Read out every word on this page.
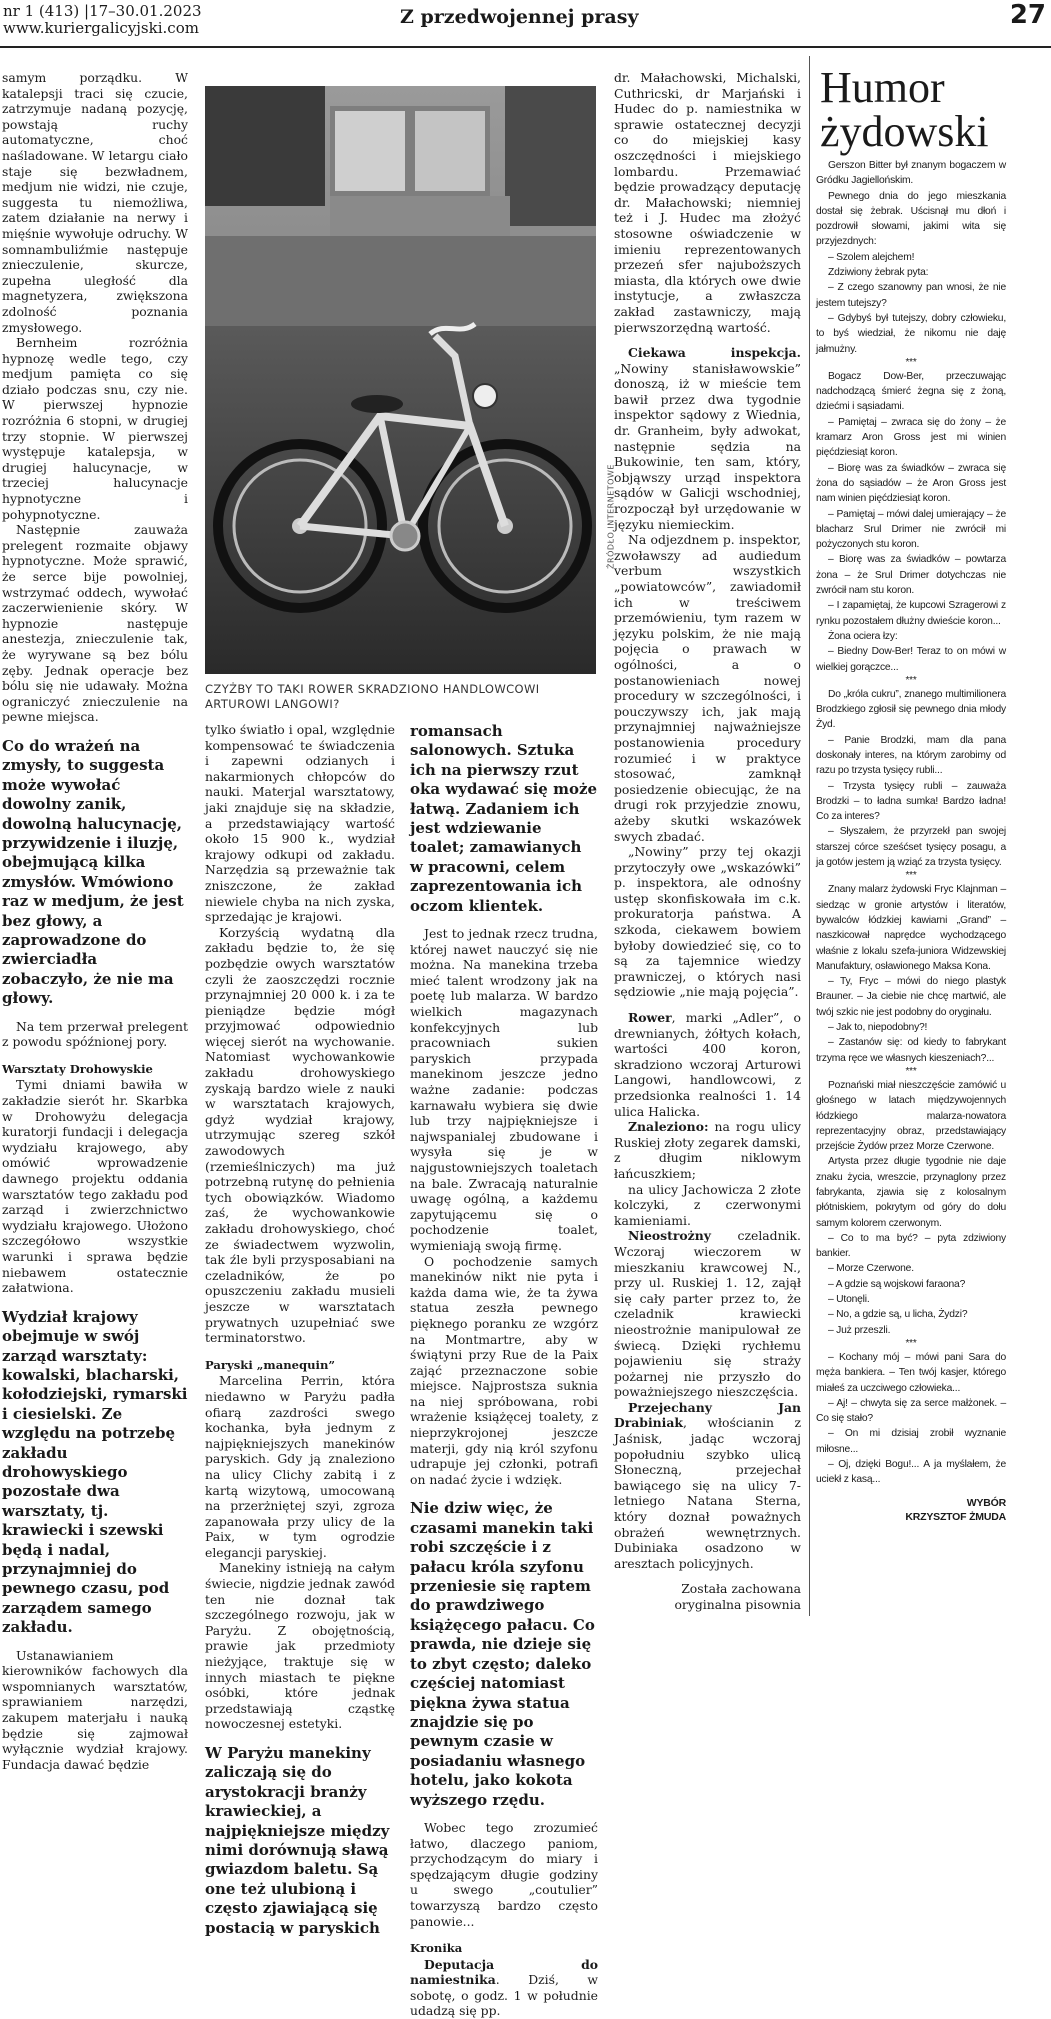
nr 1 (413) |17–30.01.2023
www.kuriergalicyjski.com	Z przedwojennej prasy	27

samym porządku. W katalepsji traci się czucie, zatrzymuje nadaną pozycję, powstają ruchy automatyczne, choć naśladowane. W letargu ciało staje się bezwładnem, medjum nie widzi, nie czuje, suggesta tu niemożliwa, zatem działanie na nerwy i mięśnie wywołuje odruchy. W somnambuliźmie następuje znieczulenie, skurcze, zupełna uległość dla magnetyzera, zwiększona zdolność poznania zmysłowego.

Bernheim rozróżnia hypnozę wedle tego, czy medjum pamięta co się działo podczas snu, czy nie. W pierwszej hypnozie rozróżnia 6 stopni, w drugiej trzy stopnie. W pierwszej występuje katalepsja, w drugiej halucynacje, w trzeciej halucynacje hypnotyczne i pohypnotyczne.

Następnie zauważa prelegent rozmaite objawy hypnotyczne. Może sprawić, że serce bije powolniej, wstrzymać oddech, wywołać zaczerwienienie skóry. W hypnozie następuje anestezja, znieczulenie tak, że wyrywane są bez bólu zęby. Jednak operacje bez bólu się nie udawały. Można ograniczyć znieczulenie na pewne miejsca.

Co do wrażeń na zmysły, to suggesta może wywołać dowolny zanik, dowolną halucynację, przywidzenie i iluzję, obejmującą kilka zmysłów. Wmówiono raz w medjum, że jest bez głowy, a zaprowadzone do zwierciadła zobaczyło, że nie ma głowy.

Na tem przerwał prelegent z powodu spóźnionej pory.

Warsztaty Drohowyskie

Tymi dniami bawiła w zakładzie sierót hr. Skarbka w Drohowyżu delegacja kuratorji fundacji i delegacja wydziału krajowego, aby omówić wprowadzenie dawnego projektu oddania warsztatów tego zakładu pod zarząd i zwierzchnictwo wydziału krajowego. Ułożono szczegółowo wszystkie warunki i sprawa będzie niebawem ostatecznie załatwiona.

Wydział krajowy obejmuje w swój zarząd warsztaty: kowalski, blacharski, kołodziejski, rymarski i ciesielski. Ze względu na potrzebę zakładu drohowyskiego pozostałe dwa warsztaty, tj. krawiecki i szewski będą i nadal, przynajmniej do pewnego czasu, pod zarządem samego zakładu.

Ustanawianiem kierowników fachowych dla wspomnianych warsztatów, sprawianiem narzędzi, zakupem materjału i nauką będzie się zajmował wyłącznie wydział krajowy. Fundacja dawać będzie

CZYŻBY TO TAKI ROWER SKRADZIONO HANDLOWCOWI ARTUROWI LANGOWI?
ŹRÓDŁO INTERNETOWE

tylko światło i opal, względnie kompensować te świadczenia i zapewni odzianych i nakarmionych chłopców do nauki. Materjal warsztatowy, jaki znajduje się na składzie, a przedstawiający wartość około 15 900 k., wydział krajowy odkupi od zakładu. Narzędzia są przeważnie tak zniszczone, że zakład niewiele chyba na nich zyska, sprzedając je krajowi.

Korzyścią wydatną dla zakładu będzie to, że się pozbędzie owych warsztatów czyli że zaoszczędzi rocznie przynajmniej 20 000 k. i za te pieniądze będzie mógł przyjmować odpowiednio więcej sierót na wychowanie. Natomiast wychowankowie zakładu drohowyskiego zyskają bardzo wiele z nauki w warsztatach krajowych, gdyż wydział krajowy, utrzymując szereg szkół zawodowych (rzemieślniczych) ma już potrzebną rutynę do pełnienia tych obowiązków. Wiadomo zaś, że wychowankowie zakładu drohowyskiego, choć ze świadectwem wyzwolin, tak źle byli przysposabiani na czeladników, że po opuszczeniu zakładu musieli jeszcze w warsztatach prywatnych uzupełniać swe terminatorstwo.

Paryski „manequin”

Marcelina Perrin, która niedawno w Paryżu padła ofiarą zazdrości swego kochanka, była jednym z najpiękniejszych manekinów paryskich. Gdy ją znaleziono na ulicy Clichy zabitą i z kartą wizytową, umocowaną na przerżniętej szyi, zgroza zapanowała przy ulicy de la Paix, w tym ogrodzie elegancji paryskiej.

Manekiny istnieją na całym świecie, nigdzie jednak zawód ten nie doznał tak szczególnego rozwoju, jak w Paryżu. Z obojętnością, prawie jak przedmioty nieżyjące, traktuje się w innych miastach te piękne osóbki, które jednak przedstawiają cząstkę nowoczesnej estetyki.

W Paryżu manekiny zaliczają się do arystokracji branży krawieckiej, a najpiękniejsze między nimi dorównują sławą gwiazdom baletu. Są one też ulubioną i często zjawiającą się postacią w paryskich

romansach salonowych. Sztuka ich na pierwszy rzut oka wydawać się może łatwą. Zadaniem ich jest wdziewanie toalet; zamawianych w pracowni, celem zaprezentowania ich oczom klientek.

Jest to jednak rzecz trudna, której nawet nauczyć się nie można. Na manekina trzeba mieć talent wrodzony jak na poetę lub malarza. W bardzo wielkich magazynach konfekcyjnych lub pracowniach sukien paryskich przypada manekinom jeszcze jedno ważne zadanie: podczas karnawału wybiera się dwie lub trzy najpiękniejsze i najwspanialej zbudowane i wysyła się je w najgustowniejszych toaletach na bale. Zwracają naturalnie uwagę ogólną, a każdemu zapytującemu się o pochodzenie toalet, wymieniają swoją firmę.

O pochodzenie samych manekinów nikt nie pyta i każda dama wie, że ta żywa statua zeszła pewnego pięknego poranku ze wzgórz na Montmartre, aby w świątyni przy Rue de la Paix zająć przeznaczone sobie miejsce. Najprostsza suknia na niej spróbowana, robi wrażenie książęcej toalety, z nieprzykrojonej jeszcze materji, gdy nią król szyfonu udrapuje jej członki, potrafi on nadać życie i wdzięk.

Nie dziw więc, że czasami manekin taki robi szczęście i z pałacu króla szyfonu przeniesie się raptem do prawdziwego książęcego pałacu. Co prawda, nie dzieje się to zbyt często; daleko częściej natomiast piękna żywa statua znajdzie się po pewnym czasie w posiadaniu własnego hotelu, jako kokota wyższego rzędu.

Wobec tego zrozumieć łatwo, dlaczego paniom, przychodzącym do miary i spędzającym długie godziny u swego „coutulier” towarzyszą bardzo często panowie...

Kronika

Deputacja do namiestnika. Dziś, w sobotę, o godz. 1 w południe udadzą się pp.

dr. Małachowski, Michalski, Cuthricski, dr Marjański i Hudec do p. namiestnika w sprawie ostatecznej decyzji co do miejskiej kasy oszczędności i miejskiego lombardu. Przemawiać będzie prowadzący deputację dr. Małachowski; niemniej też i J. Hudec ma złożyć stosowne oświadczenie w imieniu reprezentowanych przezeń sfer najuboższych miasta, dla których owe dwie instytucje, a zwłaszcza zakład zastawniczy, mają pierwszorzędną wartość.

Ciekawa inspekcja. „Nowiny stanisławowskie” donoszą, iż w mieście tem bawił przez dwa tygodnie inspektor sądowy z Wiednia, dr. Granheim, były adwokat, następnie sędzia na Bukowinie, ten sam, który, objąwszy urząd inspektora sądów w Galicji wschodniej, rozpoczął był urzędowanie w języku niemieckim.

Na odjezdnem p. inspektor, zwoławszy ad audiedum verbum wszystkich „powiatowców”, zawiadomił ich w treściwem przemówieniu, tym razem w języku polskim, że nie mają pojęcia o prawach w ogólności, a o postanowieniach nowej procedury w szczególności, i pouczywszy ich, jak mają przynajmniej najważniejsze postanowienia procedury rozumieć i w praktyce stosować, zamknął posiedzenie obiecując, że na drugi rok przyjedzie znowu, ażeby skutki wskazówek swych zbadać.

„Nowiny” przy tej okazji przytoczyły owe „wskazówki” p. inspektora, ale odnośny ustęp skonfiskowała im c.k. prokuratorja państwa. A szkoda, ciekawem bowiem byłoby dowiedzieć się, co to są za tajemnice wiedzy prawniczej, o których nasi sędziowie „nie mają pojęcia”.

Rower, marki „Adler”, o drewnianych, żółtych kołach, wartości 400 koron, skradziono wczoraj Arturowi Langowi, handlowcowi, z przedsionka realności 1. 14 ulica Halicka.

Znaleziono: na rogu ulicy Ruskiej złoty zegarek damski, z długim niklowym łańcuszkiem;

na ulicy Jachowicza 2 złote kolczyki, z czerwonymi kamieniami.

Nieostrożny czeladnik. Wczoraj wieczorem w mieszkaniu krawcowej N., przy ul. Ruskiej 1. 12, zajął się cały parter przez to, że czeladnik krawiecki nieostrożnie manipulował ze świecą. Dzięki rychłemu pojawieniu się straży pożarnej nie przyszło do poważniejszego nieszczęścia.

Przejechany Jan Drabiniak, włościanin z Jaśnisk, jadąc wczoraj popołudniu szybko ulicą Słoneczną, przejechał bawiącego się na ulicy 7-letniego Natana Sterna, który doznał poważnych obrażeń wewnętrznych. Dubiniaka osadzono w aresztach policyjnych.

Została zachowana oryginalna pisownia

Humor
żydowski

Gerszon Bitter był znanym bogaczem w Gródku Jagiellońskim.

Pewnego dnia do jego mieszkania dostał się żebrak. Uścisnął mu dłoń i pozdrowił słowami, jakimi wita się przyjezdnych:

– Szolem alejchem!

Zdziwiony żebrak pyta:

– Z czego szanowny pan wnosi, że nie jestem tutejszy?

– Gdybyś był tutejszy, dobry człowieku, to byś wiedział, że nikomu nie daję jałmużny.

***

Bogacz Dow-Ber, przeczuwając nadchodzącą śmierć żegna się z żoną, dziećmi i sąsiadami.

– Pamiętaj – zwraca się do żony – że kramarz Aron Gross jest mi winien pięćdziesiąt koron.

– Biorę was za świadków – zwraca się żona do sąsiadów – że Aron Gross jest nam winien pięćdziesiąt koron.

– Pamiętaj – mówi dalej umierający – że blacharz Srul Drimer nie zwrócił mi pożyczonych stu koron.

– Biorę was za świadków – powtarza żona – że Srul Drimer dotychczas nie zwrócił nam stu koron.

– I zapamiętaj, że kupcowi Szragerowi z rynku pozostałem dłużny dwieście koron...

Żona ociera łzy:

– Biedny Dow-Ber! Teraz to on mówi w wielkiej gorączce...

***

Do „króla cukru”, znanego multimilionera Brodzkiego zgłosił się pewnego dnia młody Żyd.

– Panie Brodzki, mam dla pana doskonały interes, na którym zarobimy od razu po trzysta tysięcy rubli...

– Trzysta tysięcy rubli – zauważa Brodzki – to ładna sumka! Bardzo ładna! Co za interes?

– Słyszałem, że przyrzekł pan swojej starszej córce sześćset tysięcy posagu, a ja gotów jestem ją wziąć za trzysta tysięcy.

***

Znany malarz żydowski Fryc Klajnman – siedząc w gronie artystów i literatów, bywalców łódzkiej kawiarni „Grand” – naszkicował naprędce wychodzącego właśnie z lokalu szefa-juniora Widzewskiej Manufaktury, osławionego Maksa Kona.

– Ty, Fryc – mówi do niego plastyk Brauner. – Ja ciebie nie chcę martwić, ale twój szkic nie jest podobny do oryginału.

– Jak to, niepodobny?!

– Zastanów się: od kiedy to fabrykant trzyma ręce we własnych kieszeniach?...

***

Poznański miał nieszczęście zamówić u głośnego w latach międzywojennych łódzkiego malarza-nowatora reprezentacyjny obraz, przedstawiający przejście Żydów przez Morze Czerwone.

Artysta przez długie tygodnie nie daje znaku życia, wreszcie, przynaglony przez fabrykanta, zjawia się z kolosalnym płótniskiem, pokrytym od góry do dołu samym kolorem czerwonym.

– Co to ma być? – pyta zdziwiony bankier.

– Morze Czerwone.

– A gdzie są wojskowi faraona?

– Utonęli.

– No, a gdzie są, u licha, Żydzi?

– Już przeszli.

***

– Kochany mój – mówi pani Sara do męża bankiera. – Ten twój kasjer, którego miałeś za uczciwego człowieka...

– Aj! – chwyta się za serce małżonek. – Co się stało?

– On mi dzisiaj zrobił wyznanie miłosne...

– Oj, dzięki Bogu!... A ja myślałem, że uciekł z kasą...

WYBÓR
KRZYSZTOF ŻMUDA
